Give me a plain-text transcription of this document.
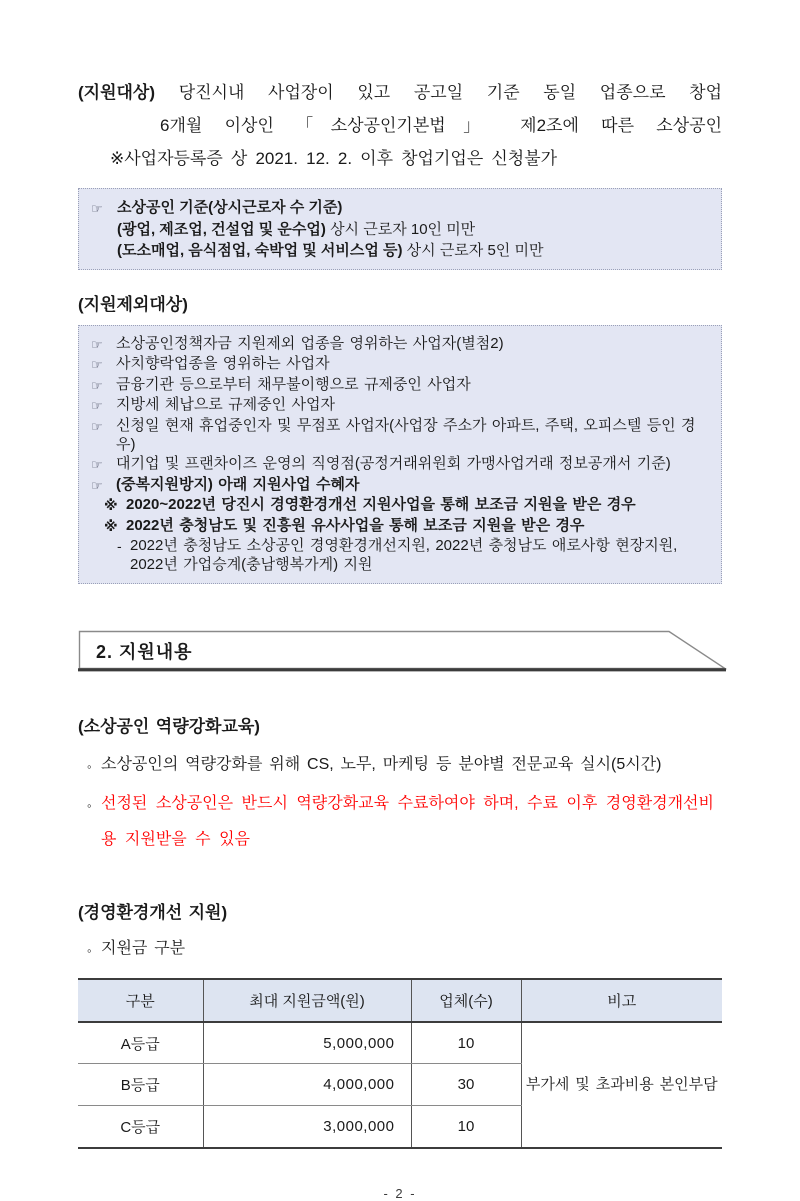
(지원대상) 당진시내 사업장이 있고 공고일 기준 동일 업종으로 창업
6개월 이상인 「소상공인기본법」 제2조에 따른 소상공인
※사업자등록증 상 2021. 12. 2. 이후 창업기업은 신청불가
☞ 소상공인 기준(상시근로자 수 기준)
(광업, 제조업, 건설업 및 운수업) 상시 근로자 10인 미만
(도소매업, 음식점업, 숙박업 및 서비스업 등) 상시 근로자 5인 미만
(지원제외대상)
☞ 소상공인정책자금 지원제외 업종을 영위하는 사업자(별첨2)
☞ 사치향락업종을 영위하는 사업자
☞ 금융기관 등으로부터 채무불이행으로 규제중인 사업자
☞ 지방세 체납으로 규제중인 사업자
☞ 신청일 현재 휴업중인자 및 무점포 사업자(사업장 주소가 아파트, 주택, 오피스텔 등인 경우)
☞ 대기업 및 프랜차이즈 운영의 직영점(공정거래위원회 가맹사업거래 정보공개서 기준)
☞ (중복지원방지) 아래 지원사업 수혜자
※ 2020~2022년 당진시 경영환경개선 지원사업을 통해 보조금 지원을 받은 경우
※ 2022년 충청남도 및 진흥원 유사사업을 통해 보조금 지원을 받은 경우
- 2022년 충청남도 소상공인 경영환경개선지원, 2022년 충청남도 애로사항 현장지원, 2022년 가업승계(충남행복가게) 지원
2. 지원내용
(소상공인 역량강화교육)
◦ 소상공인의 역량강화를 위해 CS, 노무, 마케팅 등 분야별 전문교육 실시(5시간)
◦ 선정된 소상공인은 반드시 역량강화교육 수료하여야 하며, 수료 이후 경영환경개선비용 지원받을 수 있음
(경영환경개선 지원)
◦ 지원금 구분
구분	최대 지원금액(원)	업체(수)	비고
A등급	5,000,000	10	부가세 및 초과비용 본인부담
B등급	4,000,000	30	
C등급	3,000,000	10	
- 2 -
